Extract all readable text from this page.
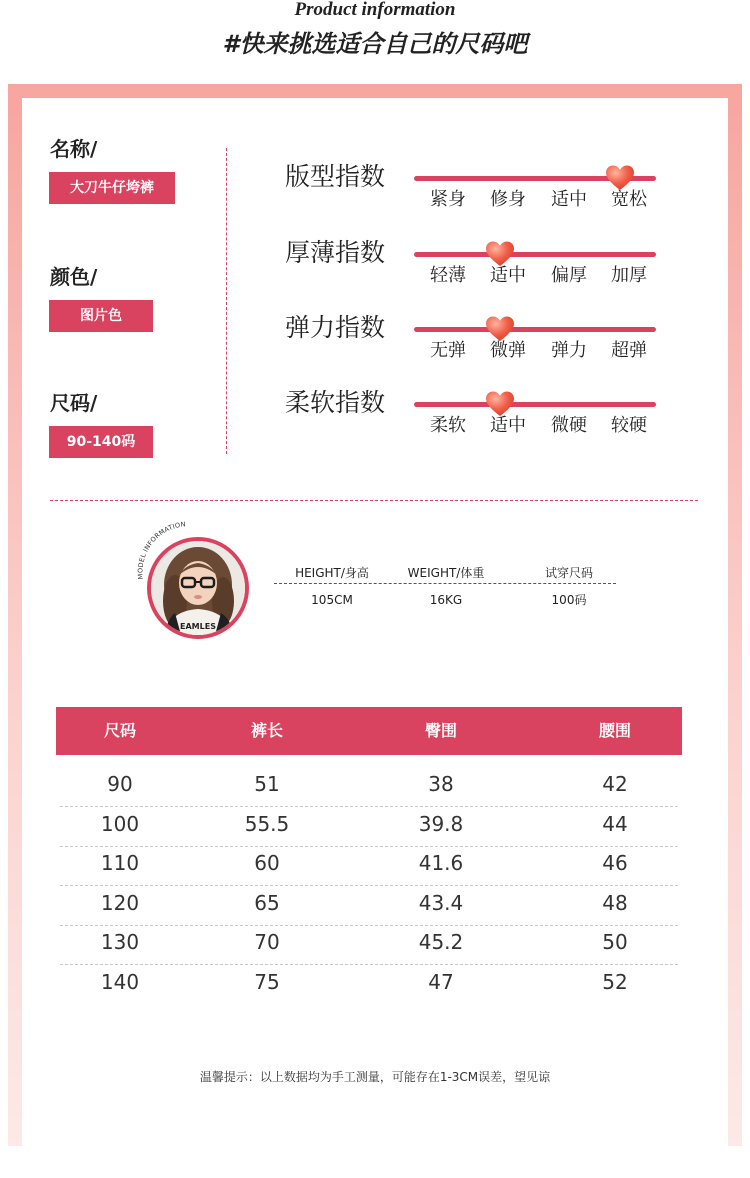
Product information
#快来挑选适合自己的尺码吧
名称/
大刀牛仔垮裤
颜色/
图片色
尺码/
90-140码
版型指数
紧身	修身	适中	宽松
厚薄指数
轻薄	适中	偏厚	加厚
弹力指数
无弹	微弹	弹力	超弹
柔软指数
柔软	适中	微硬	较硬
MODEL INFORMATION
EAMLES
HEIGHT/身高	WEIGHT/体重	试穿尺码
105CM	16KG	100码
尺码	裤长	臀围	腰围
90	51	38	42
100	55.5	39.8	44
110	60	41.6	46
120	65	43.4	48
130	70	45.2	50
140	75	47	52
温馨提示：以上数据均为手工测量，可能存在1-3CM误差，望见谅
